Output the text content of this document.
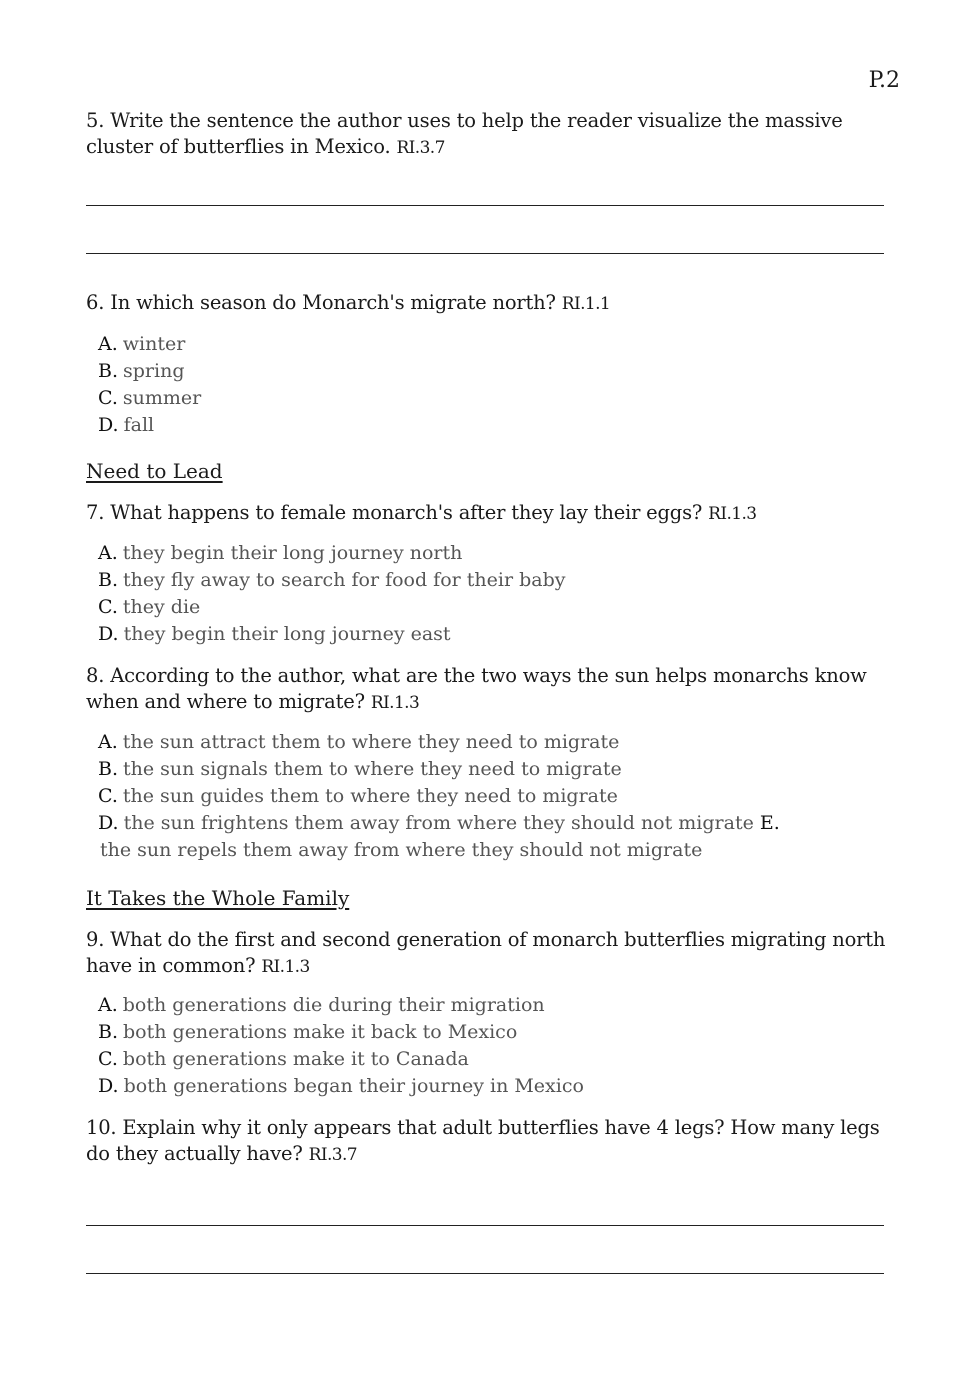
P.2
5. Write the sentence the author uses to help the reader visualize the massive cluster of butterflies in Mexico. RI.3.7
6. In which season do Monarch's migrate north? RI.1.1
A. winter
B. spring
C. summer
D. fall
Need to Lead
7. What happens to female monarch's after they lay their eggs? RI.1.3
A. they begin their long journey north
B. they fly away to search for food for their baby
C. they die
D. they begin their long journey east
8. According to the author, what are the two ways the sun helps monarchs know when and where to migrate? RI.1.3
A. the sun attract them to where they need to migrate
B. the sun signals them to where they need to migrate
C. the sun guides them to where they need to migrate
D. the sun frightens them away from where they should not migrate E.
the sun repels them away from where they should not migrate
It Takes the Whole Family
9. What do the first and second generation of monarch butterflies migrating north have in common? RI.1.3
A. both generations die during their migration
B. both generations make it back to Mexico
C. both generations make it to Canada
D. both generations began their journey in Mexico
10. Explain why it only appears that adult butterflies have 4 legs? How many legs do they actually have? RI.3.7
